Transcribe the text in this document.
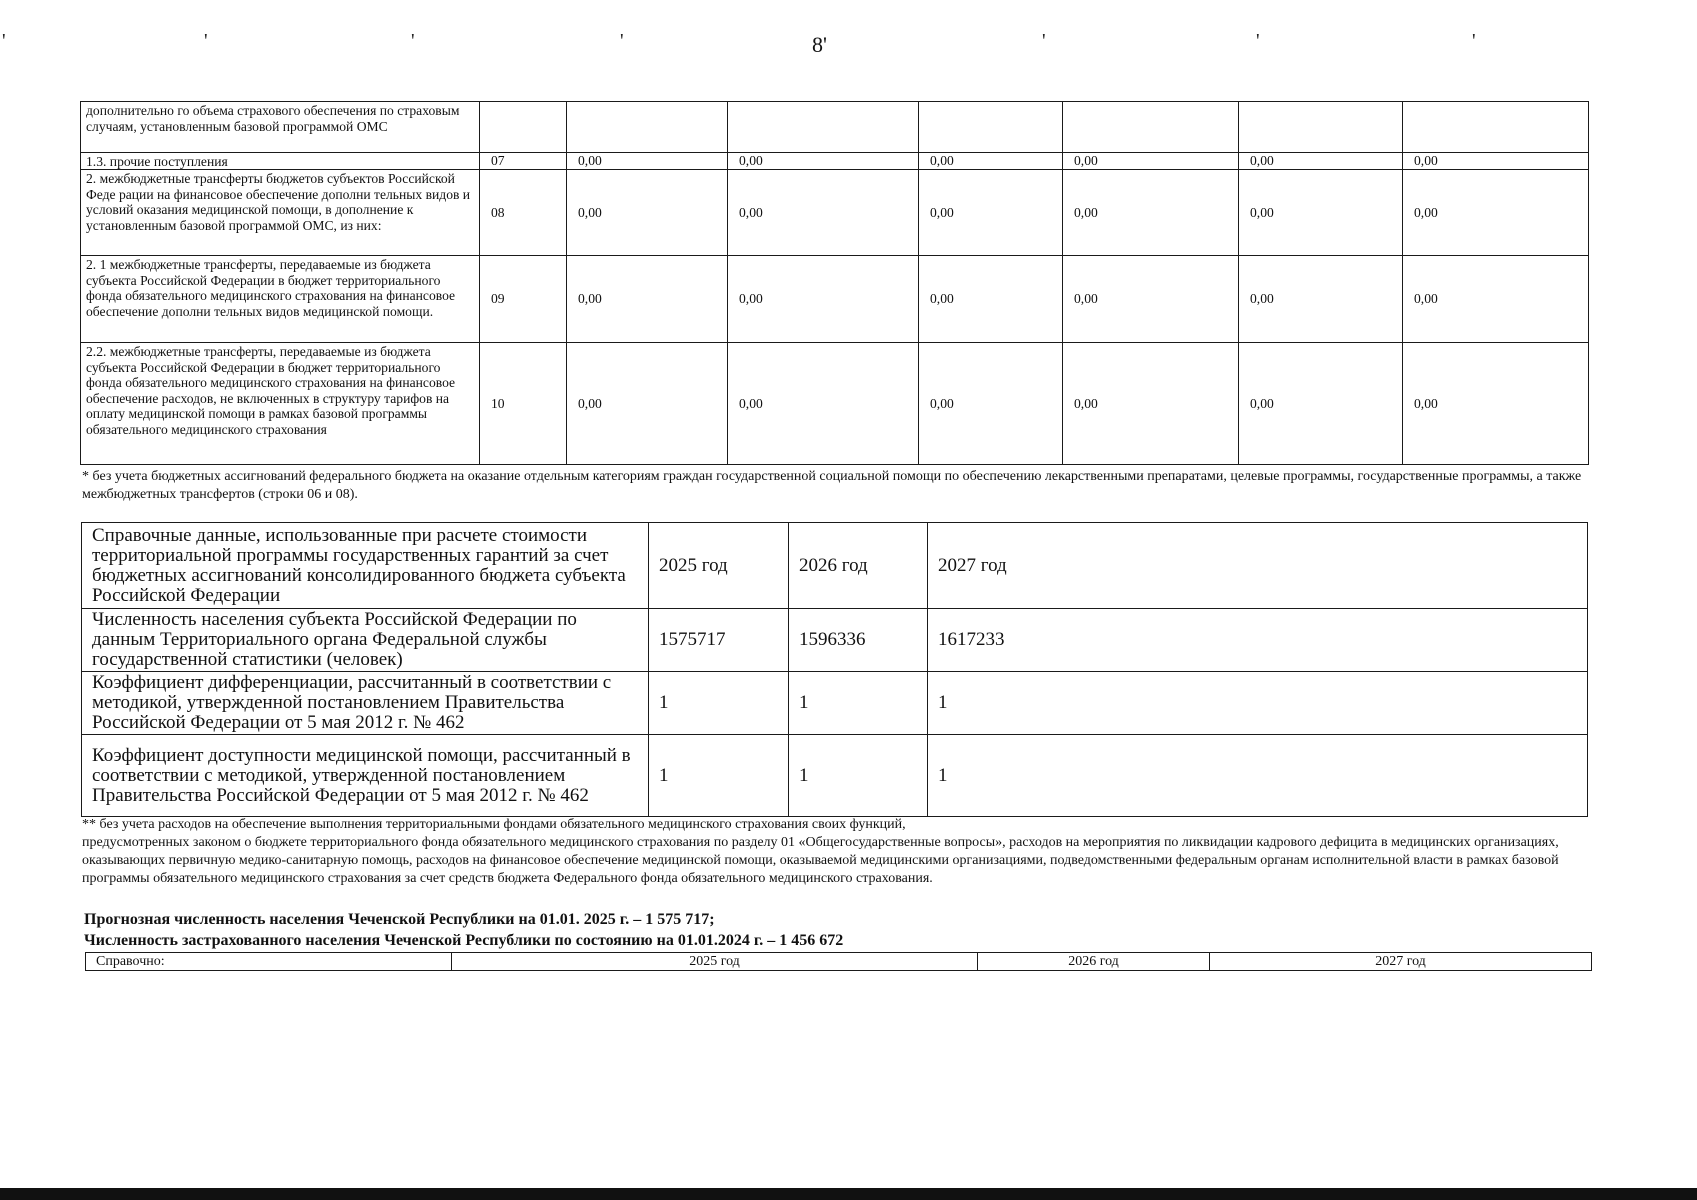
'	'	'	'	'	'	'
8'
дополнительно го объема страхового обеспечения по страховым случаям, установленным базовой программой ОМС							
1.3. прочие поступления	07	0,00	0,00	0,00	0,00	0,00	0,00
2. межбюджетные трансферты бюджетов субъектов Российской Феде рации на финансовое обеспечение дополни тельных видов и условий оказания медицинской помощи, в дополнение к установленным базовой программой ОМС, из них:	08	0,00	0,00	0,00	0,00	0,00	0,00
2. 1 межбюджетные трансферты, передаваемые из бюджета субъекта Российской Федерации в бюджет территориального фонда обязательного медицинского страхования на финансовое обеспечение дополни тельных видов медицинской помощи.	09	0,00	0,00	0,00	0,00	0,00	0,00
2.2. межбюджетные трансферты, передаваемые из бюджета субъекта Российской Федерации в бюджет территориального фонда обязательного медицинского страхования на финансовое обеспечение расходов, не включенных в структуру тарифов на оплату медицинской помощи в рамках базовой программы обязательного медицинского страхования	10	0,00	0,00	0,00	0,00	0,00	0,00
* без учета бюджетных ассигнований федерального бюджета на оказание отдельным категориям граждан государственной социальной помощи по обеспечению лекарственными препаратами, целевые программы, государственные программы, а также межбюджетных трансфертов (строки 06 и 08).
Справочные данные, использованные при расчете стоимости территориальной программы государственных гарантий за счет бюджетных ассигнований консолидированного бюджета субъекта Российской Федерации	2025 год	2026 год	2027 год
Численность населения субъекта Российской Федерации по данным Территориального органа Федеральной службы государственной статистики (человек)	1575717	1596336	1617233
Коэффициент дифференциации, рассчитанный в соответствии с методикой, утвержденной постановлением Правительства Российской Федерации от 5 мая 2012 г. № 462	1	1	1
Коэффициент доступности медицинской помощи, рассчитанный в соответствии с методикой, утвержденной постановлением Правительства Российской Федерации от 5 мая 2012 г. № 462	1	1	1
** без учета расходов на обеспечение выполнения территориальными фондами обязательного медицинского страхования своих функций,
предусмотренных законом о бюджете территориального фонда обязательного медицинского страхования по разделу 01 «Общегосударственные вопросы», расходов на мероприятия по ликвидации кадрового дефицита в медицинских организациях, оказывающих первичную медико-санитарную помощь, расходов на финансовое обеспечение медицинской помощи, оказываемой медицинскими организациями, подведомственными федеральным органам исполнительной власти в рамках базовой программы обязательного медицинского страхования за счет средств бюджета Федерального фонда обязательного медицинского страхования.
Прогнозная численность населения Чеченской Республики на 01.01. 2025 г. – 1 575 717;
Численность застрахованного населения Чеченской Республики по состоянию на 01.01.2024 г. – 1 456 672
Справочно:	2025 год	2026 год	2027 год
